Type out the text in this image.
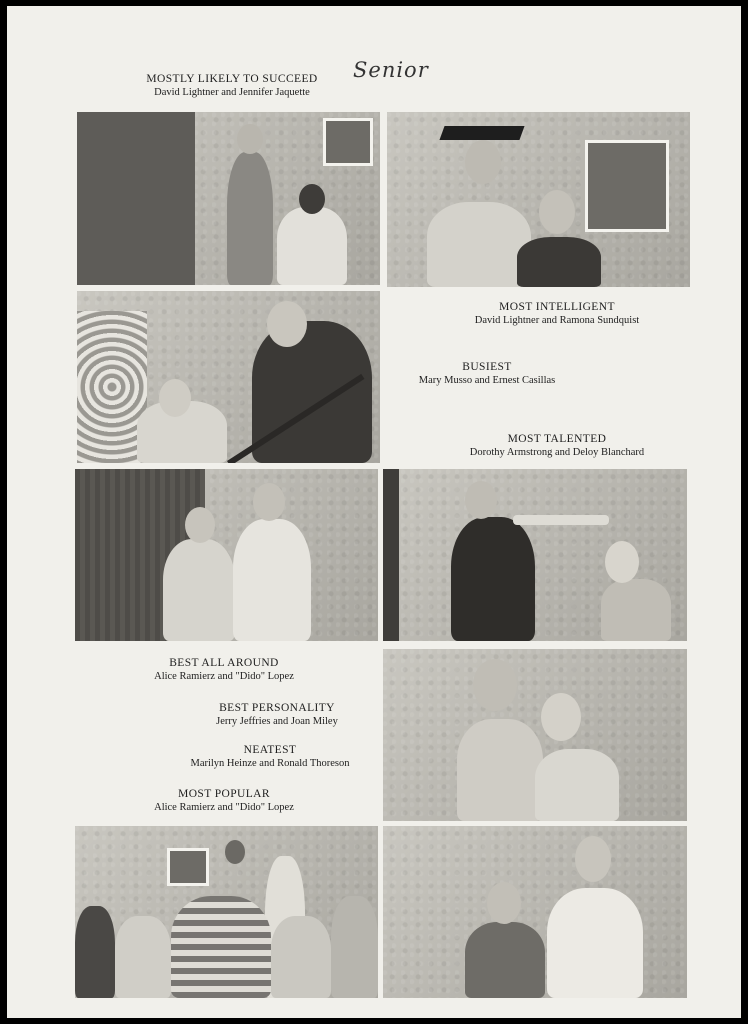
Senior
MOSTLY LIKELY TO SUCCEED
David Lightner and Jennifer Jaquette
MOST INTELLIGENT
David Lightner and Ramona Sundquist
BUSIEST
Mary Musso and Ernest Casillas
MOST TALENTED
Dorothy Armstrong and Deloy Blanchard
BEST ALL AROUND
Alice Ramierz and "Dido" Lopez
BEST PERSONALITY
Jerry Jeffries and Joan Miley
NEATEST
Marilyn Heinze and Ronald Thoreson
MOST POPULAR
Alice Ramierz and "Dido" Lopez
